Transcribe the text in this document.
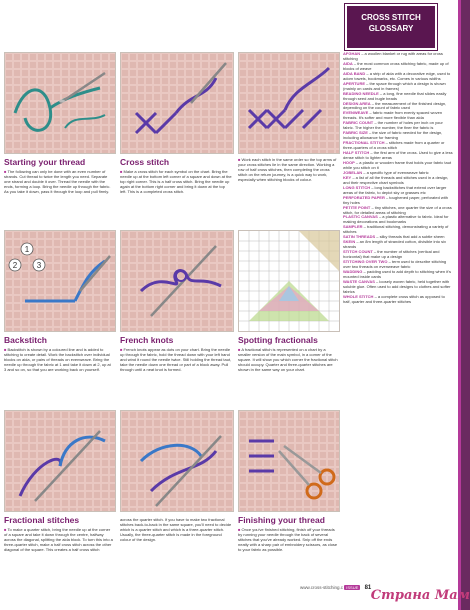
Starting your thread

■ The following can only be done with an even number of strands. Cut thread to twice the length you need. Separate one strand and double it over. Thread the needle with the ends, forming a loop. Bring the needle up through the fabric. As you take it down, pass it through the loop and pull firmly.

Cross stitch

■ Make a cross stitch for each symbol on the chart. Bring the needle up at the bottom left corner of a square and down at the top right corner. This is a half cross stitch. Bring the needle up again at the bottom right corner and bring it down at the top left. This is a completed cross stitch.

■ Work each stitch in the same order so the top arms of your cross stitches lie in the same direction. Working a row of half cross stitches, then completing the cross stitch on the return journey, is a quick way to work, especially when stitching blocks of colour.

1
2 3
Backstitch

■ Backstitch is shown by a coloured line and is added to stitching to create detail. Work the backstitch over individual blocks on aida, or pairs of threads on evenweave. Bring the needle up through the fabric at 1 and take it down at 2, up at 3 and so on, so that you are working back on yourself.

French knots

■ French knots appear as dots on your chart. Bring the needle up through the fabric, hold the thread down with your left hand and wind it round the needle twice. Still holding the thread taut, take the needle down one thread or part of a block away. Pull through until a neat knot is formed.

Spotting fractionals

■ A fractional stitch is represented on a chart by a smaller version of the main symbol, in a corner of the square. It will show you which corner the fractional stitch should occupy. Quarter and three-quarter stitches are shown in the same way on your chart.

Fractional stitches

■ To make a quarter stitch, bring the needle up at the corner of a square and take it down through the centre, halfway across the diagonal, splitting the aida block. To turn this into a three-quarter stitch, make a half cross stitch across the other diagonal of the square. This creates a half cross stitch

across the quarter stitch. If you have to make two fractional stitches back-to-back in the same square, you'll need to decide which is a quarter stitch and which is a three-quarter stitch. Usually, the three-quarter stitch is made in the foreground colour of the design.

Finishing your thread

■ Once you've finished stitching, finish off your threads by running your needle through the back of several stitches that you've already worked. Snip off the ends neatly with a sharp pair of embroidery scissors, as close to your fabric as possible.

CROSS STITCH
GLOSSARY
AFGHAN – a woollen blanket or rug with areas for cross stitching
AIDA – the most common cross stitching fabric, made up of blocks of weave
AIDA BAND – a strip of aida with a decorative edge, used to adorn towels, bookmarks, etc. Comes in various widths
APERTURE – the space through which a design is shown (mainly on cards and in frames)
BEADING NEEDLE – a long, fine needle that slides easily through seed and bugle beads
DESIGN AREA – the measurement of the finished design, depending on the count of fabric used
EVENWEAVE – fabric made from evenly spaced woven threads. It's softer and more flexible than aida
FABRIC COUNT – the number of holes per inch on your fabric. The higher the number, the finer the fabric is
FABRIC SIZE – the size of fabric needed for the design, including allowance for framing
FRACTIONAL STITCH – stitches made from a quarter or three-quarters of a cross stitch
HALF STITCH – the first arm of the cross. Used to give a less dense stitch to lighter areas
HOOP – a plastic or wooden frame that holds your fabric taut while you stitch on it
JOBELAN – a specific type of evenweave fabric
KEY – a list of all the threads and stitches used in a design, and their respective chart symbols
LONG STITCH – long backstitches that extend over larger areas of the fabric, to depict sky or grasses etc
PERFORATED PAPER – toughened paper, perforated with tiny holes
PETITE POINT – tiny stitches, one quarter the size of a cross stitch, for detailed areas of stitching
PLASTIC CANVAS – a plastic alternative to fabric. Ideal for making decorations and bookmarks
SAMPLER – traditional stitching, demonstrating a variety of stitches
SATIN THREADS – silky threads that add a subtle sheen
SKEIN – an 8m length of stranded cotton, divisible into six strands
STITCH COUNT – the number of stitches (vertical and horizontal) that make up a design
STITCHING OVER TWO – term used to describe stitching over two threads on evenweave fabric
WADDING – padding used to add depth to stitching when it's mounted inside cards
WASTE CANVAS – loosely woven fabric, held together with soluble glue. Often used to add designs to clothes and softer fabrics
WHOLE STITCH – a complete cross stitch as opposed to half, quarter and three-quarter stitches
www.cross-stitching.c ISSUE 81 Страна Мам
